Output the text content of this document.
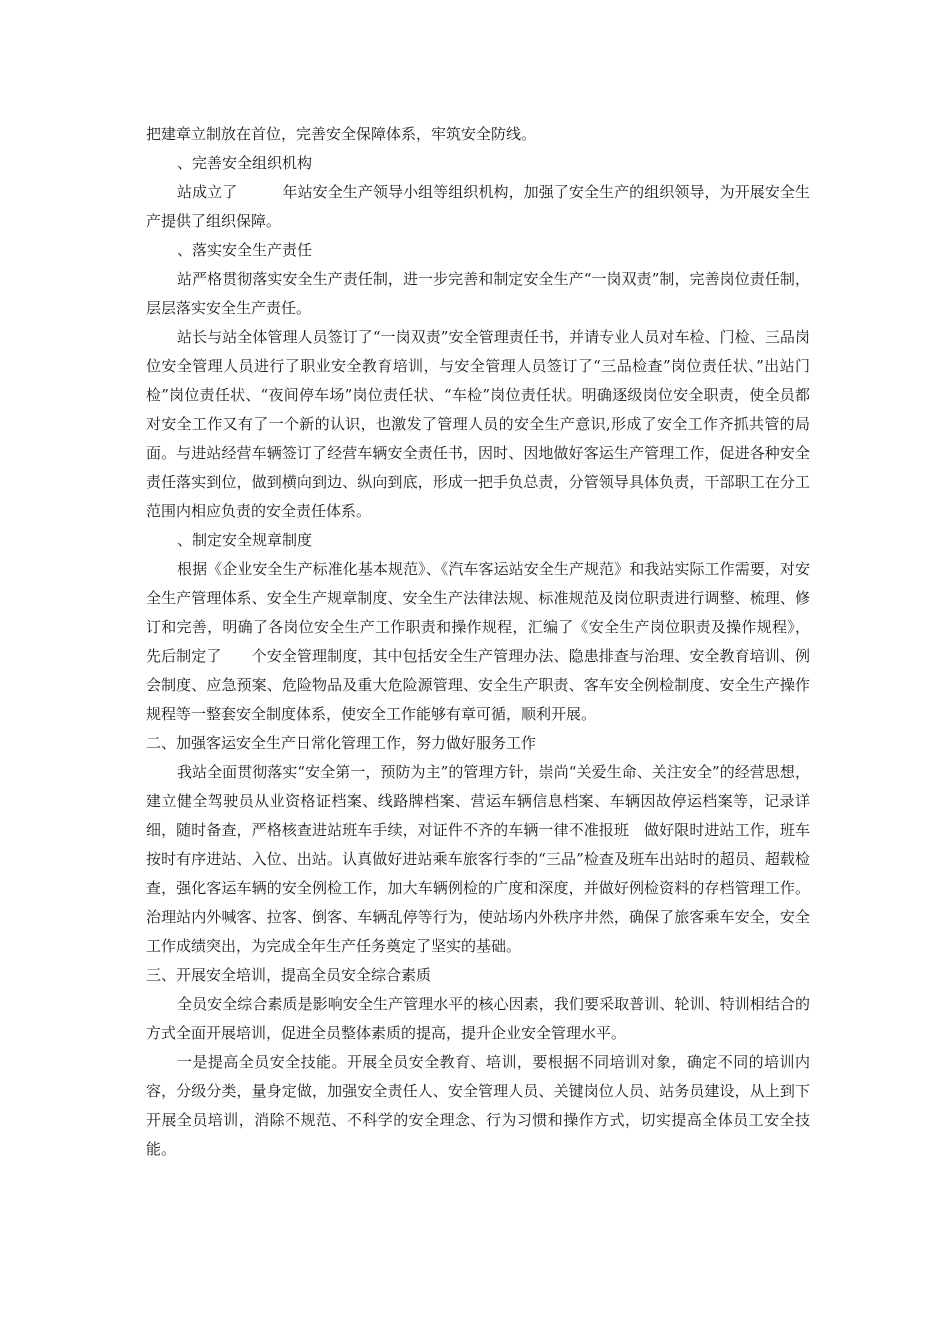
把建章立制放在首位，完善安全保障体系，牢筑安全防线。

、完善安全组织机构

站成立了　　　年站安全生产领导小组等组织机构，加强了安全生产的组织领导，为开展安全生产提供了组织保障。

、落实安全生产责任

站严格贯彻落实安全生产责任制，进一步完善和制定安全生产“一岗双责”制，完善岗位责任制，层层落实安全生产责任。

站长与站全体管理人员签订了“一岗双责”安全管理责任书，并请专业人员对车检、门检、三品岗位安全管理人员进行了职业安全教育培训，与安全管理人员签订了“三品检查”岗位责任状、”出站门检”岗位责任状、“夜间停车场”岗位责任状、“车检”岗位责任状。明确逐级岗位安全职责，使全员都对安全工作又有了一个新的认识，也激发了管理人员的安全生产意识,形成了安全工作齐抓共管的局面。与进站经营车辆签订了经营车辆安全责任书，因时、因地做好客运生产管理工作，促进各种安全责任落实到位，做到横向到边、纵向到底，形成一把手负总责，分管领导具体负责，干部职工在分工范围内相应负责的安全责任体系。

、制定安全规章制度

根据《企业安全生产标准化基本规范》、《汽车客运站安全生产规范》和我站实际工作需要，对安全生产管理体系、安全生产规章制度、安全生产法律法规、标准规范及岗位职责进行调整、梳理、修订和完善，明确了各岗位安全生产工作职责和操作规程，汇编了《安全生产岗位职责及操作规程》，先后制定了　　个安全管理制度，其中包括安全生产管理办法、隐患排查与治理、安全教育培训、例会制度、应急预案、危险物品及重大危险源管理、安全生产职责、客车安全例检制度、安全生产操作规程等一整套安全制度体系，使安全工作能够有章可循，顺利开展。

二、加强客运安全生产日常化管理工作，努力做好服务工作

我站全面贯彻落实“安全第一，预防为主”的管理方针，崇尚“关爱生命、关注安全”的经营思想，建立健全驾驶员从业资格证档案、线路牌档案、营运车辆信息档案、车辆因故停运档案等，记录详细，随时备查，严格核查进站班车手续，对证件不齐的车辆一律不准报班　做好限时进站工作，班车按时有序进站、入位、出站。认真做好进站乘车旅客行李的“三品”检查及班车出站时的超员、超载检查，强化客运车辆的安全例检工作，加大车辆例检的广度和深度，并做好例检资料的存档管理工作。治理站内外喊客、拉客、倒客、车辆乱停等行为，使站场内外秩序井然，确保了旅客乘车安全，安全工作成绩突出，为完成全年生产任务奠定了坚实的基础。

三、开展安全培训，提高全员安全综合素质

全员安全综合素质是影响安全生产管理水平的核心因素，我们要采取普训、轮训、特训相结合的方式全面开展培训，促进全员整体素质的提高，提升企业安全管理水平。

一是提高全员安全技能。开展全员安全教育、培训，要根据不同培训对象，确定不同的培训内容，分级分类，量身定做，加强安全责任人、安全管理人员、关键岗位人员、站务员建设，从上到下开展全员培训，消除不规范、不科学的安全理念、行为习惯和操作方式，切实提高全体员工安全技能。
